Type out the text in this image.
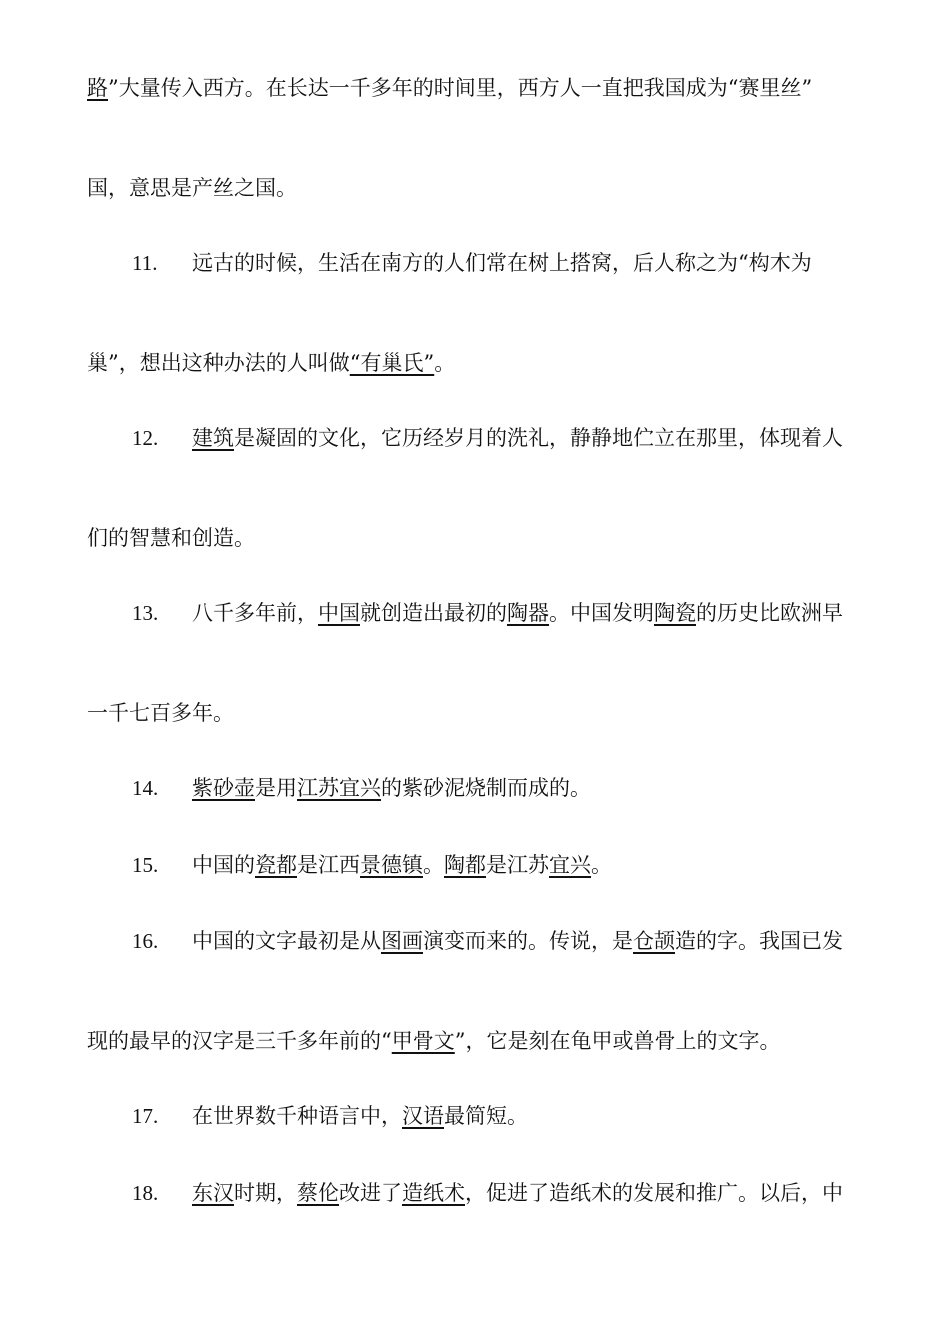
路”大量传入西方。在长达一千多年的时间里，西方人一直把我国成为“赛里丝”
国，意思是产丝之国。
11. 远古的时候，生活在南方的人们常在树上搭窝，后人称之为“构木为
巢”，想出这种办法的人叫做“有巢氏”。
12. 建筑是凝固的文化，它历经岁月的洗礼，静静地伫立在那里，体现着人
们的智慧和创造。
13. 八千多年前，中国就创造出最初的陶器。中国发明陶瓷的历史比欧洲早
一千七百多年。
14. 紫砂壶是用江苏宜兴的紫砂泥烧制而成的。
15. 中国的瓷都是江西景德镇。陶都是江苏宜兴。
16. 中国的文字最初是从图画演变而来的。传说，是仓颉造的字。我国已发
现的最早的汉字是三千多年前的“甲骨文”，它是刻在龟甲或兽骨上的文字。
17. 在世界数千种语言中，汉语最简短。
18. 东汉时期，蔡伦改进了造纸术，促进了造纸术的发展和推广。以后，中
